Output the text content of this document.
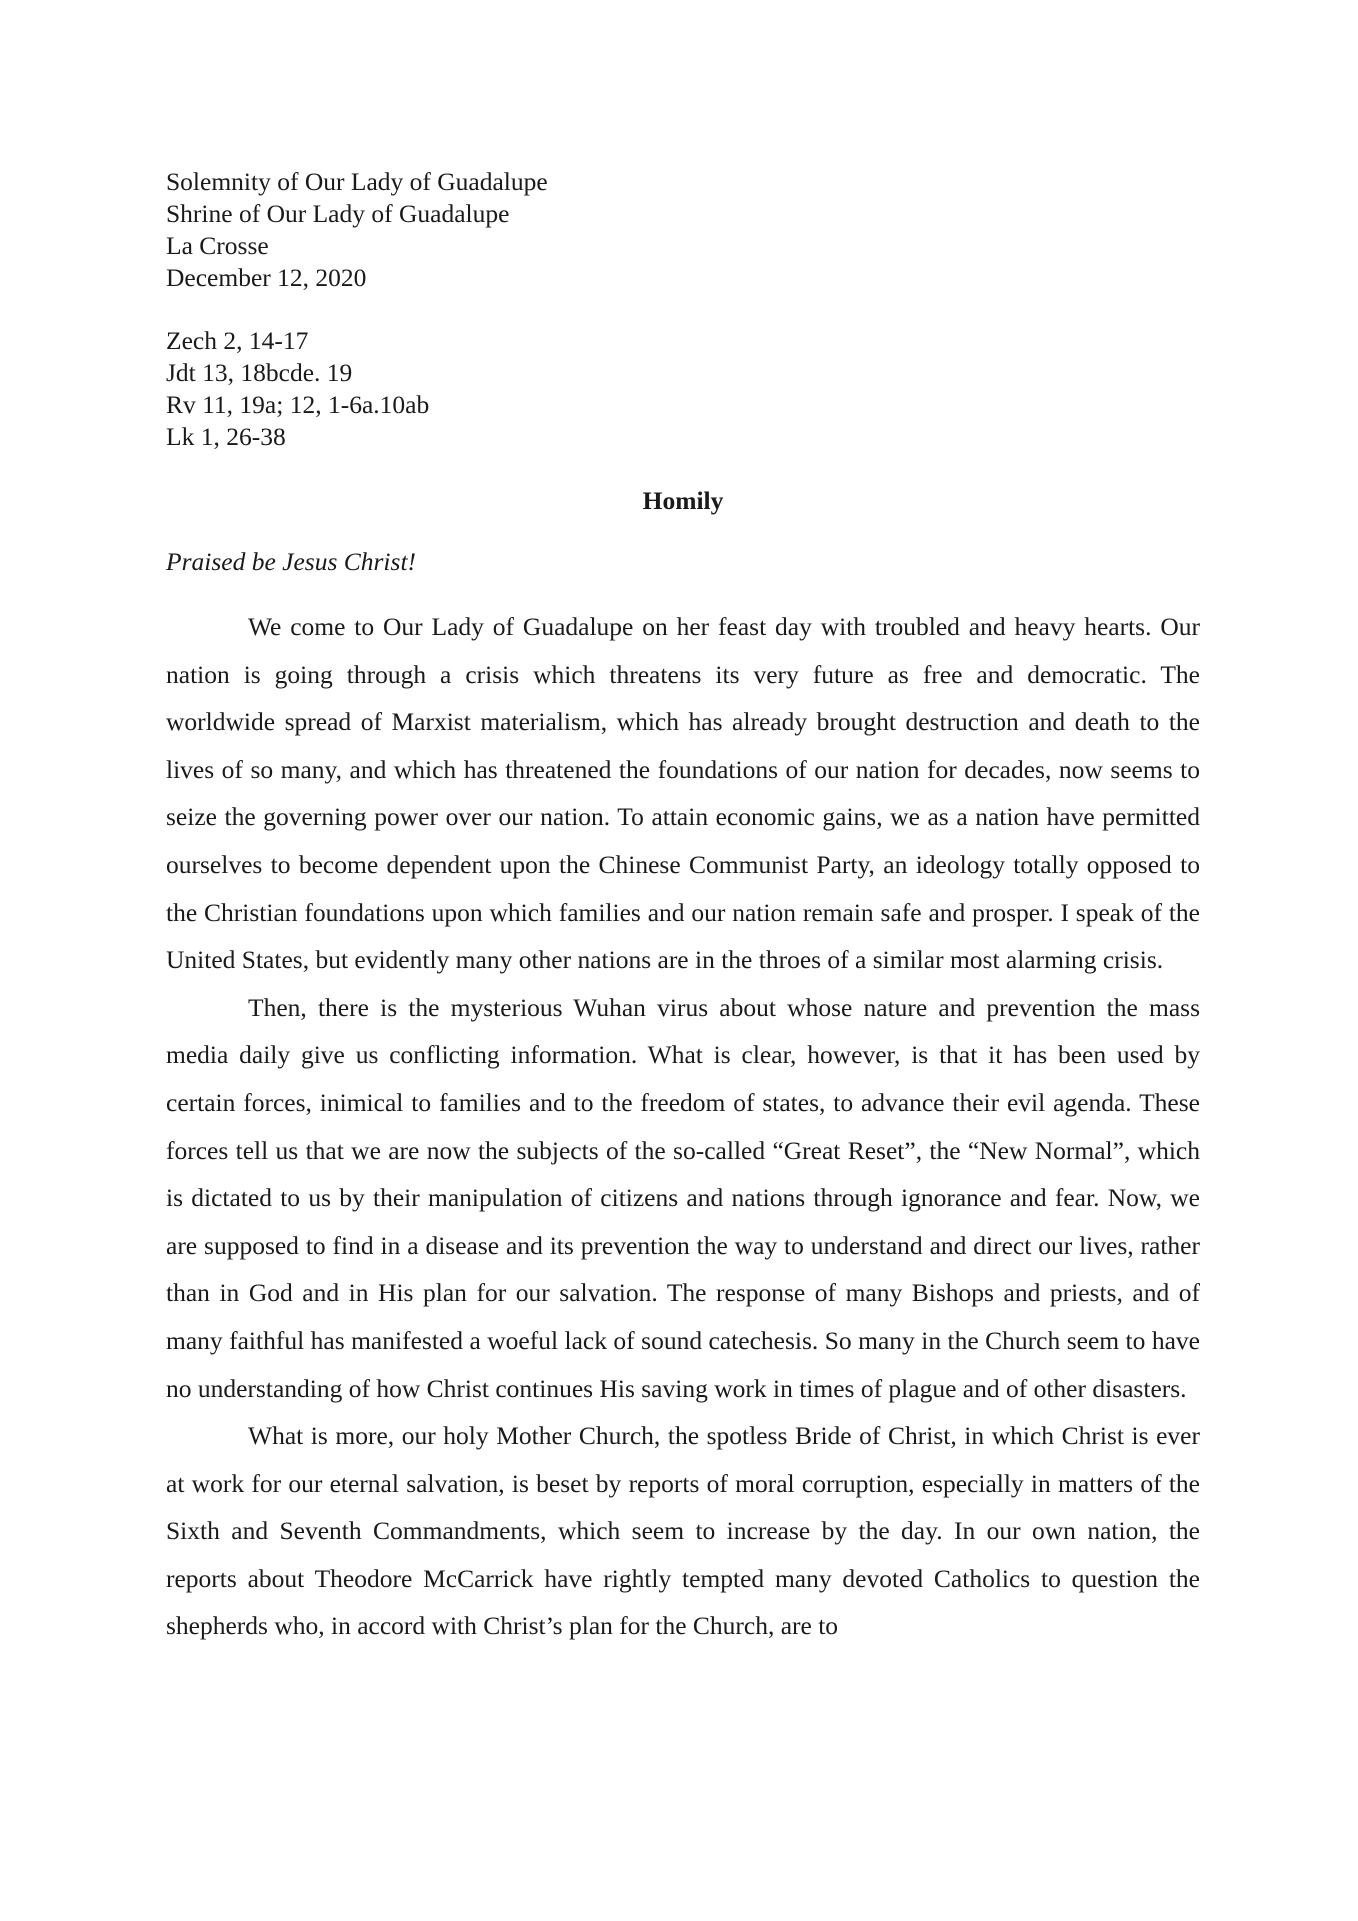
Solemnity of Our Lady of Guadalupe
Shrine of Our Lady of Guadalupe
La Crosse
December 12, 2020
Zech 2, 14-17
Jdt 13, 18bcde. 19
Rv 11, 19a; 12, 1-6a.10ab
Lk 1, 26-38
Homily
Praised be Jesus Christ!

We come to Our Lady of Guadalupe on her feast day with troubled and heavy hearts. Our nation is going through a crisis which threatens its very future as free and democratic. The worldwide spread of Marxist materialism, which has already brought destruction and death to the lives of so many, and which has threatened the foundations of our nation for decades, now seems to seize the governing power over our nation. To attain economic gains, we as a nation have permitted ourselves to become dependent upon the Chinese Communist Party, an ideology totally opposed to the Christian foundations upon which families and our nation remain safe and prosper. I speak of the United States, but evidently many other nations are in the throes of a similar most alarming crisis.

Then, there is the mysterious Wuhan virus about whose nature and prevention the mass media daily give us conflicting information. What is clear, however, is that it has been used by certain forces, inimical to families and to the freedom of states, to advance their evil agenda. These forces tell us that we are now the subjects of the so-called “Great Reset”, the “New Normal”, which is dictated to us by their manipulation of citizens and nations through ignorance and fear. Now, we are supposed to find in a disease and its prevention the way to understand and direct our lives, rather than in God and in His plan for our salvation. The response of many Bishops and priests, and of many faithful has manifested a woeful lack of sound catechesis. So many in the Church seem to have no understanding of how Christ continues His saving work in times of plague and of other disasters.

What is more, our holy Mother Church, the spotless Bride of Christ, in which Christ is ever at work for our eternal salvation, is beset by reports of moral corruption, especially in matters of the Sixth and Seventh Commandments, which seem to increase by the day. In our own nation, the reports about Theodore McCarrick have rightly tempted many devoted Catholics to question the shepherds who, in accord with Christ’s plan for the Church, are to
